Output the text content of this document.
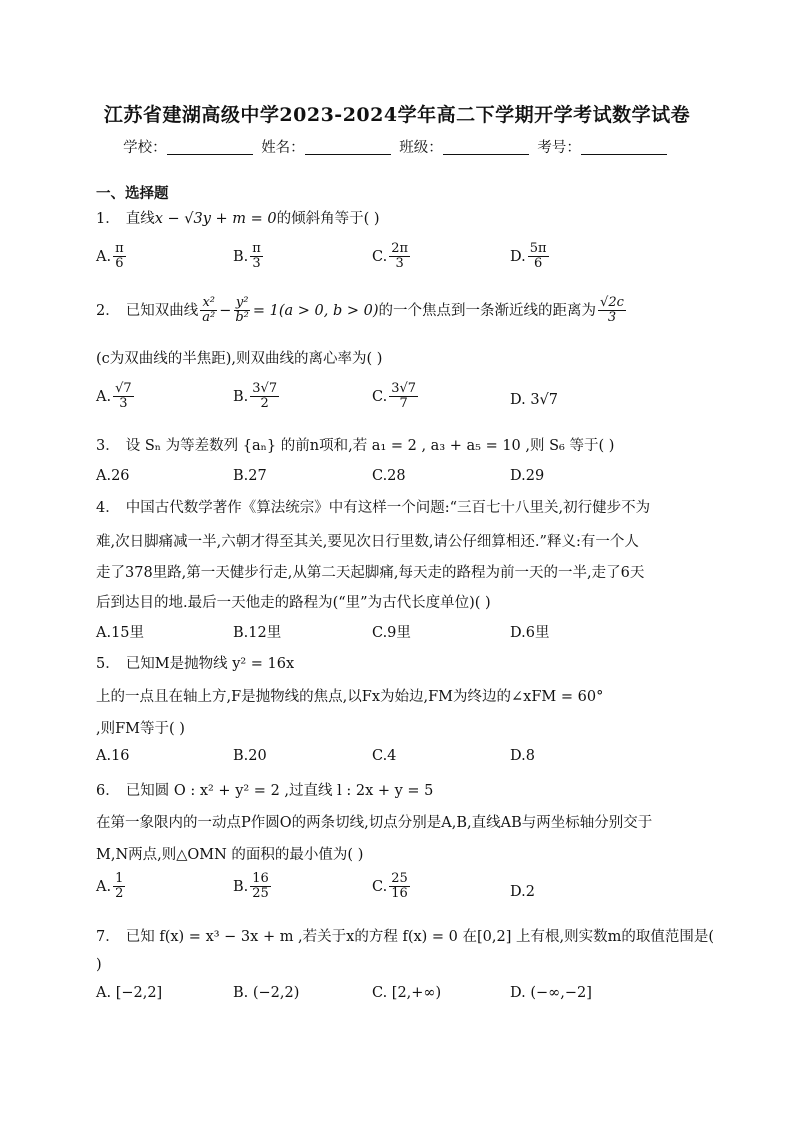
江苏省建湖高级中学2023-2024学年高二下学期开学考试数学试卷
学校：	姓名：	班级：	考号：
一、选择题
1． 直线x − √3y + m = 0的倾斜角等于( )
A. $\frac{\pi}{6}$	B. $\frac{\pi}{3}$	C. $\frac{2\pi}{3}$	D. $\frac{5\pi}{6}$
2． 已知双曲线 $\frac{\text{x²}}{\text{a²}} - \frac{\text{y²}}{\text{b²}} = 1(a > 0$, b > 0)的一个焦点到一条渐近线的距离为 $\frac{√2c}{3}$
(c为双曲线的半焦距),则双曲线的离心率为( )
A. $\frac{√7}{3}$	B. $\frac{3√7}{2}$	C. $\frac{3√7}{7}$	D. 3√7
3． 设 Sₙ 为等差数列 {aₙ} 的前n项和,若 a₁ = 2 , a₃ + a₅ = 10 ,则 S₆ 等于( )
A.26	B.27	C.28	D.29
4． 中国古代数学著作《算法统宗》中有这样一个问题:“三百七十八里关,初行健步不为
难,次日脚痛减一半,六朝才得至其关,要见次日行里数,请公仔细算相还.”释义:有一个人
走了378里路,第一天健步行走,从第二天起脚痛,每天走的路程为前一天的一半,走了6天
后到达目的地.最后一天他走的路程为(“里”为古代长度单位)( )
A.15里	B.12里	C.9里	D.6里
5． 已知M是抛物线 y² = 16x
上的一点且在轴上方,F是抛物线的焦点,以Fx为始边,FM为终边的∠xFM = 60°
,则FM等于( )
A.16	B.20	C.4	D.8
6． 已知圆 O : x² + y² = 2 ,过直线 l : 2x + y = 5
在第一象限内的一动点P作圆O的两条切线,切点分别是A,B,直线AB与两坐标轴分别交于
M,N两点,则△OMN 的面积的最小值为( )
A. $\frac{1}{2}$	B. $\frac{16}{25}$	C. $\frac{25}{16}$	D.2
7． 已知 f(x) = x³ − 3x + m ,若关于x的方程 f(x) = 0 在[0,2] 上有根,则实数m的取值范围是(
)
A. [−2,2]	B. (−2,2)	C. [2,+∞)	D. (−∞,−2]
